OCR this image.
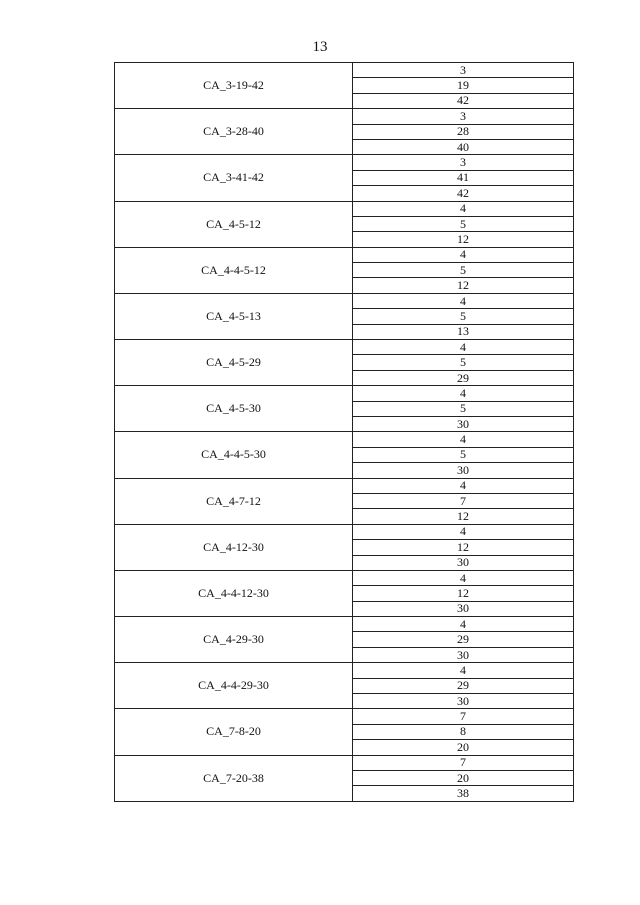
13
CA_3-19-42	3
	19
	42
CA_3-28-40	3
	28
	40
CA_3-41-42	3
	41
	42
CA_4-5-12	4
	5
	12
CA_4-4-5-12	4
	5
	12
CA_4-5-13	4
	5
	13
CA_4-5-29	4
	5
	29
CA_4-5-30	4
	5
	30
CA_4-4-5-30	4
	5
	30
CA_4-7-12	4
	7
	12
CA_4-12-30	4
	12
	30
CA_4-4-12-30	4
	12
	30
CA_4-29-30	4
	29
	30
CA_4-4-29-30	4
	29
	30
CA_7-8-20	7
	8
	20
CA_7-20-38	7
	20
	38
